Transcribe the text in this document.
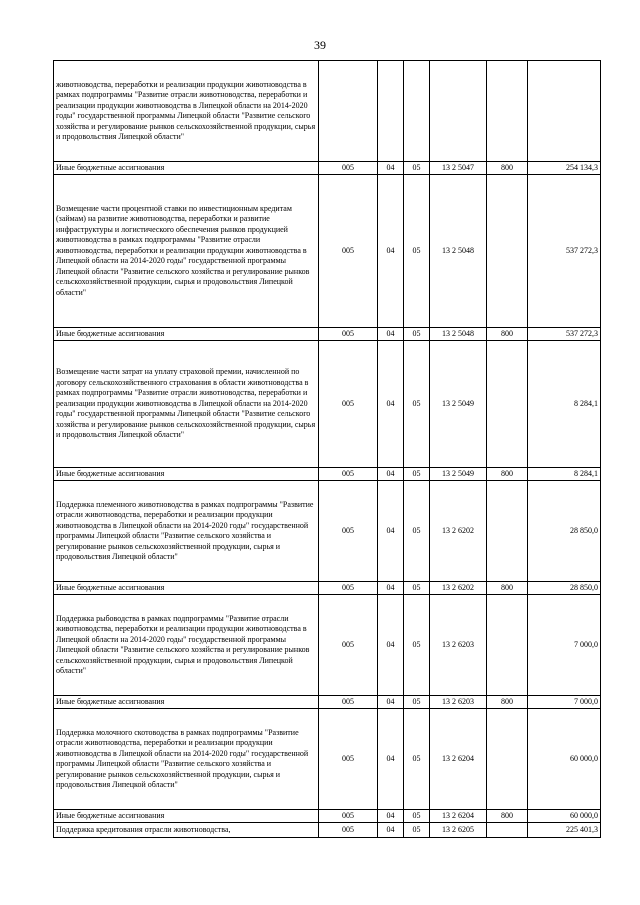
39
животноводства, переработки и реализации продукции животноводства в рамках подпрограммы "Развитие отрасли животноводства, переработки и реализации продукции животноводства в Липецкой области на 2014-2020 годы" государственной программы Липецкой области "Развитие сельского хозяйства и регулирование рынков сельскохозяйственной продукции, сырья и продовольствия Липецкой области"						
Иные бюджетные ассигнования	005	04	05	13 2 5047	800	254 134,3
Возмещение части процентной ставки по инвестиционным кредитам (займам) на развитие животноводства, переработки и развитие инфраструктуры и логистического обеспечения рынков продукцией животноводства в рамках подпрограммы "Развитие отрасли животноводства, переработки и реализации продукции животноводства в Липецкой области на 2014-2020 годы" государственной программы Липецкой области "Развитие сельского хозяйства и регулирование рынков сельскохозяйственной продукции, сырья и продовольствия Липецкой области"	005	04	05	13 2 5048		537 272,3
Иные бюджетные ассигнования	005	04	05	13 2 5048	800	537 272,3
Возмещение части затрат на уплату страховой премии, начисленной по договору сельскохозяйственного страхования в области животноводства в рамках подпрограммы "Развитие отрасли животноводства, переработки и реализации продукции животноводства в Липецкой области на 2014-2020 годы" государственной программы Липецкой области "Развитие сельского хозяйства и регулирование рынков сельскохозяйственной продукции, сырья и продовольствия Липецкой области"	005	04	05	13 2 5049		8 284,1
Иные бюджетные ассигнования	005	04	05	13 2 5049	800	8 284,1
Поддержка племенного животноводства в рамках подпрограммы "Развитие отрасли животноводства, переработки и реализации продукции животноводства в Липецкой области на 2014-2020 годы" государственной программы Липецкой области "Развитие сельского хозяйства и регулирование рынков сельскохозяйственной продукции, сырья и продовольствия Липецкой области"	005	04	05	13 2 6202		28 850,0
Иные бюджетные ассигнования	005	04	05	13 2 6202	800	28 850,0
Поддержка рыбоводства в рамках подпрограммы "Развитие отрасли животноводства, переработки и реализации продукции животноводства в Липецкой области на 2014-2020 годы" государственной программы Липецкой области "Развитие сельского хозяйства и регулирование рынков сельскохозяйственной продукции, сырья и продовольствия Липецкой области"	005	04	05	13 2 6203		7 000,0
Иные бюджетные ассигнования	005	04	05	13 2 6203	800	7 000,0
Поддержка молочного скотоводства в рамках подпрограммы "Развитие отрасли животноводства, переработки и реализации продукции животноводства в Липецкой области на 2014-2020 годы" государственной программы Липецкой области "Развитие сельского хозяйства и регулирование рынков сельскохозяйственной продукции, сырья и продовольствия Липецкой области"	005	04	05	13 2 6204		60 000,0
Иные бюджетные ассигнования	005	04	05	13 2 6204	800	60 000,0
Поддержка кредитования отрасли животноводства,	005	04	05	13 2 6205		225 401,3
